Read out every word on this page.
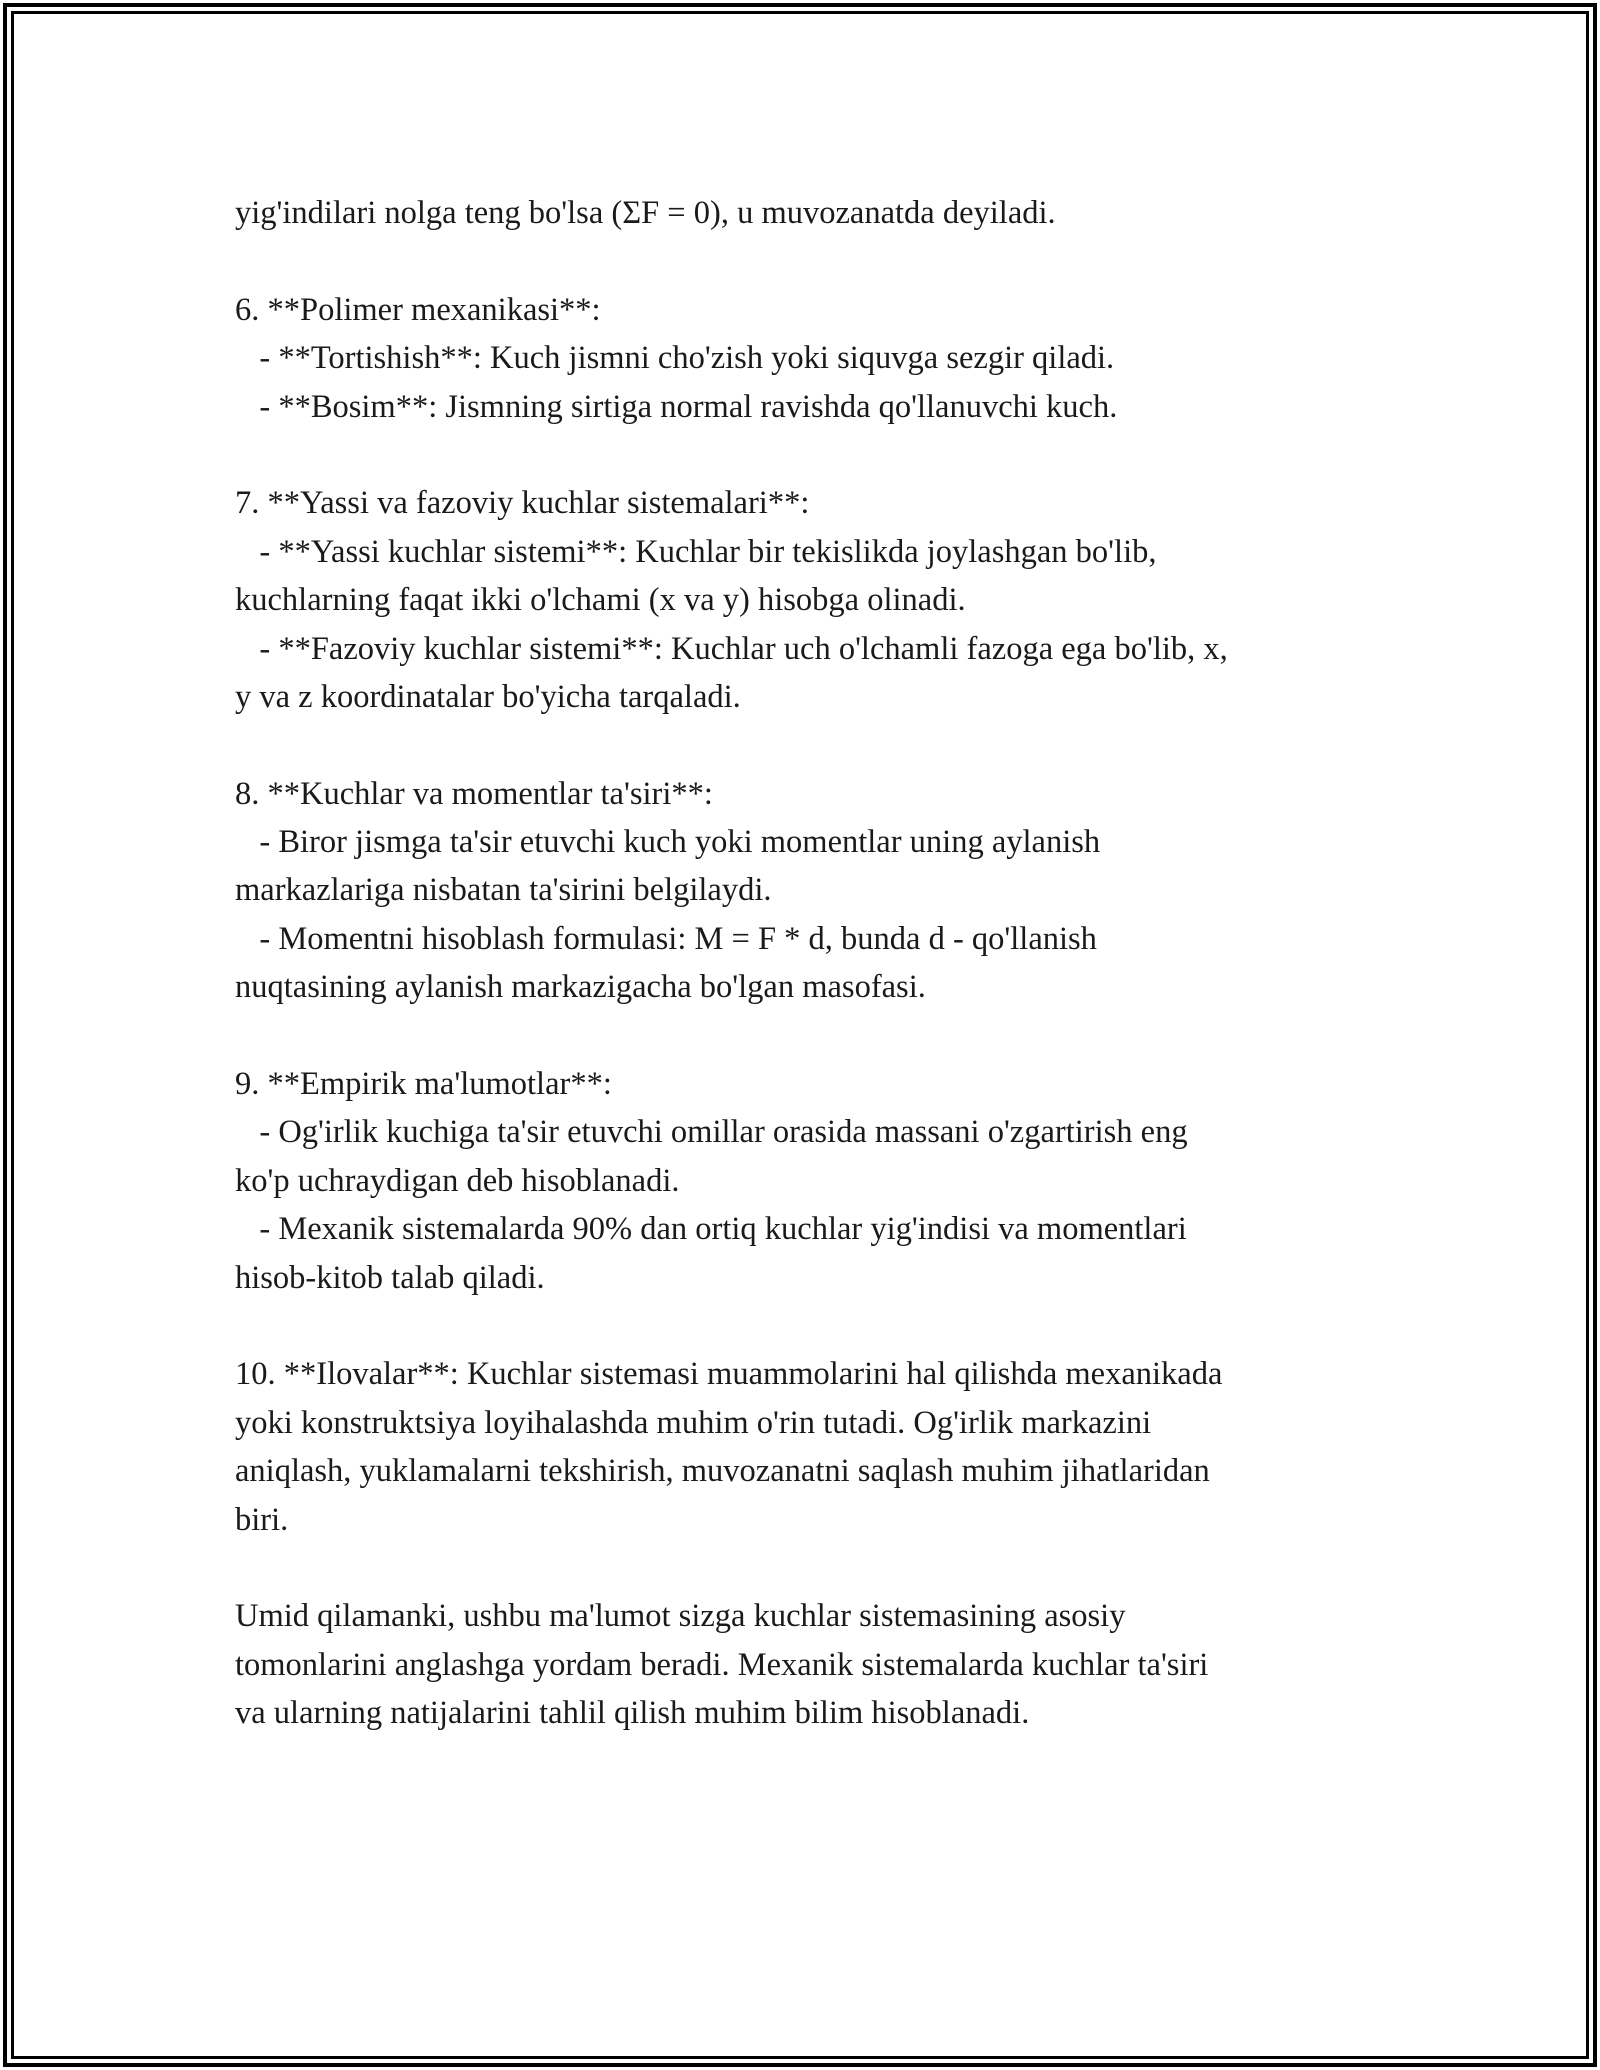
yig'indilari nolga teng bo'lsa (ΣF = 0), u muvozanatda deyiladi.
6. **Polimer mexanikasi**:
- **Tortishish**: Kuch jismni cho'zish yoki siquvga sezgir qiladi.
- **Bosim**: Jismning sirtiga normal ravishda qo'llanuvchi kuch.
7. **Yassi va fazoviy kuchlar sistemalari**:
- **Yassi kuchlar sistemi**: Kuchlar bir tekislikda joylashgan bo'lib,
kuchlarning faqat ikki o'lchami (x va y) hisobga olinadi.
- **Fazoviy kuchlar sistemi**: Kuchlar uch o'lchamli fazoga ega bo'lib, x,
y va z koordinatalar bo'yicha tarqaladi.
8. **Kuchlar va momentlar ta'siri**:
- Biror jismga ta'sir etuvchi kuch yoki momentlar uning aylanish
markazlariga nisbatan ta'sirini belgilaydi.
- Momentni hisoblash formulasi: M = F * d, bunda d - qo'llanish
nuqtasining aylanish markazigacha bo'lgan masofasi.
9. **Empirik ma'lumotlar**:
- Og'irlik kuchiga ta'sir etuvchi omillar orasida massani o'zgartirish eng
ko'p uchraydigan deb hisoblanadi.
- Mexanik sistemalarda 90% dan ortiq kuchlar yig'indisi va momentlari
hisob-kitob talab qiladi.
10. **Ilovalar**: Kuchlar sistemasi muammolarini hal qilishda mexanikada
yoki konstruktsiya loyihalashda muhim o'rin tutadi. Og'irlik markazini
aniqlash, yuklamalarni tekshirish, muvozanatni saqlash muhim jihatlaridan
biri.
Umid qilamanki, ushbu ma'lumot sizga kuchlar sistemasining asosiy
tomonlarini anglashga yordam beradi. Mexanik sistemalarda kuchlar ta'siri
va ularning natijalarini tahlil qilish muhim bilim hisoblanadi.
